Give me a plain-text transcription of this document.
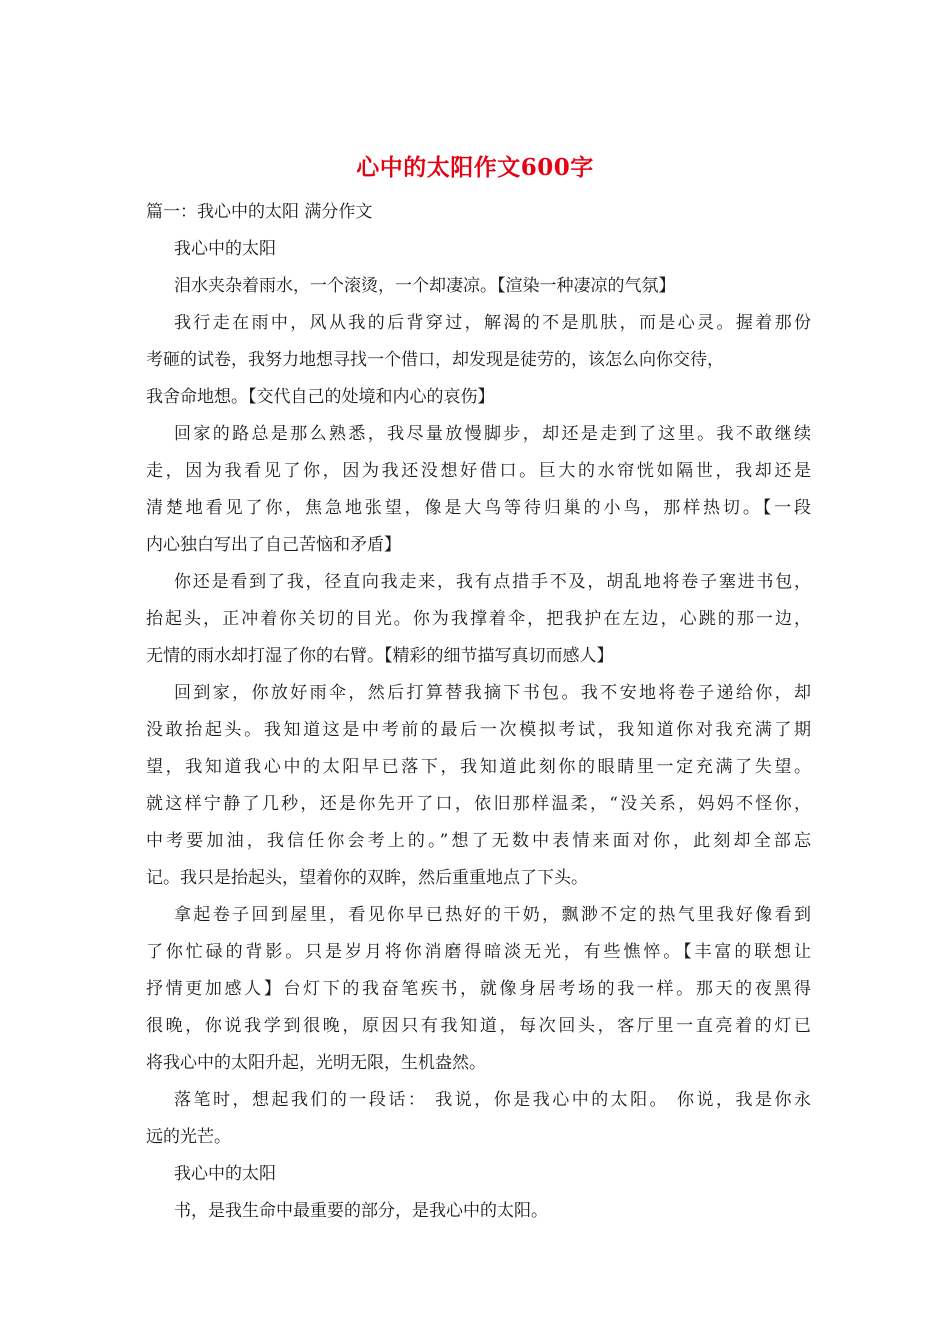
心中的太阳作文600字
篇一：我心中的太阳 满分作文
我心中的太阳
泪水夹杂着雨水，一个滚烫，一个却凄凉。【渲染一种凄凉的气氛】
我行走在雨中，风从我的后背穿过，解渴的不是肌肤，而是心灵。握着那份
考砸的试卷，我努力地想寻找一个借口，却发现是徒劳的，该怎么向你交待，
我舍命地想。【交代自己的处境和内心的哀伤】
回家的路总是那么熟悉，我尽量放慢脚步，却还是走到了这里。我不敢继续
走，因为我看见了你，因为我还没想好借口。巨大的水帘恍如隔世，我却还是
清楚地看见了你，焦急地张望，像是大鸟等待归巢的小鸟，那样热切。【一段
内心独白写出了自己苦恼和矛盾】
你还是看到了我，径直向我走来，我有点措手不及，胡乱地将卷子塞进书包，
抬起头，正冲着你关切的目光。你为我撑着伞，把我护在左边，心跳的那一边，
无情的雨水却打湿了你的右臂。【精彩的细节描写真切而感人】
回到家，你放好雨伞，然后打算替我摘下书包。我不安地将卷子递给你，却
没敢抬起头。我知道这是中考前的最后一次模拟考试，我知道你对我充满了期
望，我知道我心中的太阳早已落下，我知道此刻你的眼睛里一定充满了失望。
就这样宁静了几秒，还是你先开了口，依旧那样温柔，“没关系，妈妈不怪你，
中考要加油，我信任你会考上的。”想了无数中表情来面对你，此刻却全部忘
记。我只是抬起头，望着你的双眸，然后重重地点了下头。
拿起卷子回到屋里，看见你早已热好的干奶，飘渺不定的热气里我好像看到
了你忙碌的背影。只是岁月将你消磨得暗淡无光，有些憔悴。【丰富的联想让
抒情更加感人】台灯下的我奋笔疾书，就像身居考场的我一样。那天的夜黑得
很晚，你说我学到很晚，原因只有我知道，每次回头，客厅里一直亮着的灯已
将我心中的太阳升起，光明无限，生机盎然。
落笔时，想起我们的一段话： 我说，你是我心中的太阳。 你说，我是你永
远的光芒。
我心中的太阳
书，是我生命中最重要的部分，是我心中的太阳。
